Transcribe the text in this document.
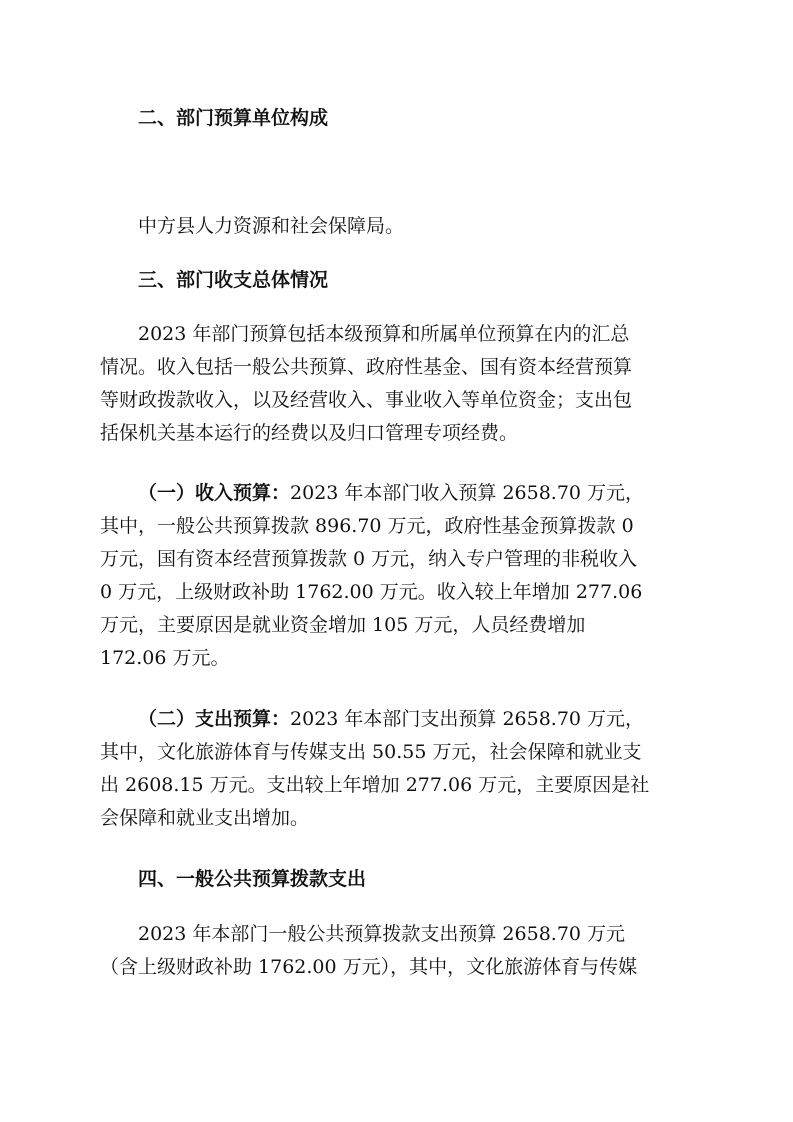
二、部门预算单位构成
中方县人力资源和社会保障局。
三、部门收支总体情况
2023 年部门预算包括本级预算和所属单位预算在内的汇总
情况。收入包括一般公共预算、政府性基金、国有资本经营预算
等财政拨款收入，以及经营收入、事业收入等单位资金；支出包
括保机关基本运行的经费以及归口管理专项经费。
（一）收入预算：2023 年本部门收入预算 2658.70 万元，
其中，一般公共预算拨款 896.70 万元，政府性基金预算拨款 0
万元，国有资本经营预算拨款 0 万元，纳入专户管理的非税收入
0 万元，上级财政补助 1762.00 万元。收入较上年增加 277.06
万元，主要原因是就业资金增加 105 万元，人员经费增加
172.06 万元。
（二）支出预算：2023 年本部门支出预算 2658.70 万元，
其中，文化旅游体育与传媒支出 50.55 万元，社会保障和就业支
出 2608.15 万元。支出较上年增加 277.06 万元，主要原因是社
会保障和就业支出增加。
四、一般公共预算拨款支出
2023 年本部门一般公共预算拨款支出预算 2658.70 万元
（含上级财政补助 1762.00 万元），其中，文化旅游体育与传媒
